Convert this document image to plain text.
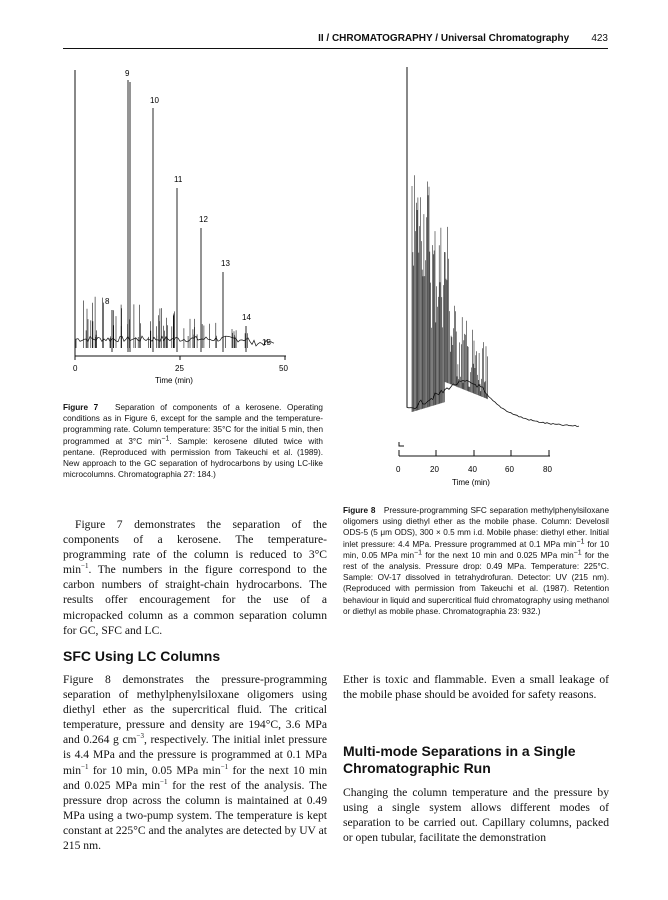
II / CHROMATOGRAPHY / Universal Chromatography 423
9
10
11
12
13
8
14
15
0	25	50
Time (min)
Figure 7 Separation of components of a kerosene. Operating conditions as in Figure 6, except for the sample and the temperature-programming rate. Column temperature: 35°C for the initial 5 min, then programmed at 3°C $\min^{-1}$. Sample: kerosene diluted twice with pentane. (Reproduced with permission from Takeuchi et al. (1989). New approach to the GC separation of hydrocarbons by using LC-like microcolumns. Chromatographia 27: 184.)
0	20	40	60	80
Time (min)
Figure 8 Pressure-programming SFC separation methylphenylsiloxane oligomers using diethyl ether as the mobile phase. Column: Develosil ODS-5 (5 μm ODS), 300 × 0.5 mm i.d. Mobile phase: diethyl ether. Initial inlet pressure: 4.4 MPa. Pressure programmed at 0.1 MPa $\min^{-1}$ for 10 min, 0.05 MPa $\min^{-1}$ for the next 10 min and 0.025 MPa $\min^{-1}$ for the rest of the analysis. Pressure drop: 0.49 MPa. Temperature: 225°C. Sample: OV-17 dissolved in tetrahydrofuran. Detector: UV (215 nm). (Reproduced with permission from Takeuchi et al. (1987). Retention behaviour in liquid and supercritical fluid chromatography using methanol or diethyl as mobile phase. Chromatographia 23: 932.)

Figure 7 demonstrates the separation of the components of a kerosene. The temperature-programming rate of the column is reduced to 3°C $\min^{-1}$. The numbers in the figure correspond to the carbon numbers of straight-chain hydrocarbons. The results offer encouragement for the use of a micropacked column as a common separation column for GC, SFC and LC.

SFC Using LC Columns

Figure 8 demonstrates the pressure-programming separation of methylphenylsiloxane oligomers using diethyl ether as the supercritical fluid. The critical temperature, pressure and density are 194°C, 3.6 MPa and 0.264 g $cm^{-3}$, respectively. The initial inlet pressure is 4.4 MPa and the pressure is programmed at 0.1 MPa $\min^{-1}$ for 10 min, 0.05 MPa $\min^{-1}$ for the next 10 min and 0.025 MPa $\min^{-1}$ for the rest of the analysis. The pressure drop across the column is maintained at 0.49 MPa using a two-pump system. The temperature is kept constant at 225°C and the analytes are detected by UV at 215 nm.

Ether is toxic and flammable. Even a small leakage of the mobile phase should be avoided for safety reasons.

Multi-mode Separations in a Single Chromatographic Run

Changing the column temperature and the pressure by using a single system allows different modes of separation to be carried out. Capillary columns, packed or open tubular, facilitate the demonstration
